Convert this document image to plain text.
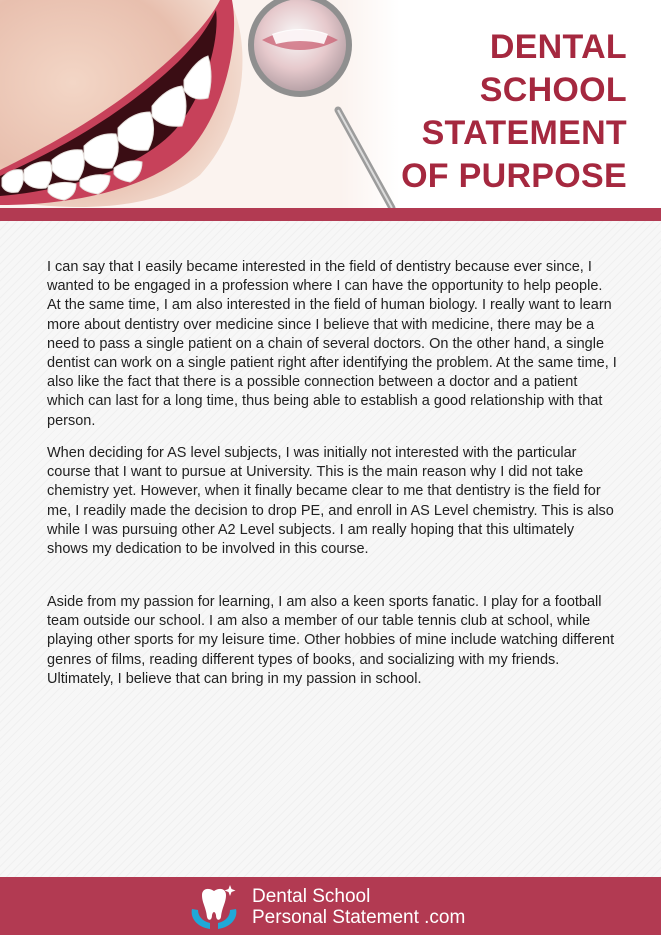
DENTAL
SCHOOL
STATEMENT
OF PURPOSE

I can say that I easily became interested in the field of dentistry because ever since, I wanted to be engaged in a profession where I can have the opportunity to help people. At the same time, I am also interested in the field of human biology. I really want to learn more about dentistry over medicine since I believe that with medicine, there may be a need to pass a single patient on a chain of several doctors. On the other hand, a single dentist can work on a single patient right after identifying the problem. At the same time, I also like the fact that there is a possible connection between a doctor and a patient which can last for a long time, thus being able to establish a good relationship with that person.

When deciding for AS level subjects, I was initially not interested with the particular course that I want to pursue at University. This is the main reason why I did not take chemistry yet. However, when it finally became clear to me that dentistry is the field for me, I readily made the decision to drop PE, and enroll in AS Level chemistry. This is also while I was pursuing other A2 Level subjects. I am really hoping that this ultimately shows my dedication to be involved in this course.

Aside from my passion for learning, I am also a keen sports fanatic. I play for a football team outside our school. I am also a member of our table tennis club at school, while playing other sports for my leisure time. Other hobbies of mine include watching different genres of films, reading different types of books, and socializing with my friends. Ultimately, I believe that can bring in my passion in school.

Dental School
Personal Statement .com
